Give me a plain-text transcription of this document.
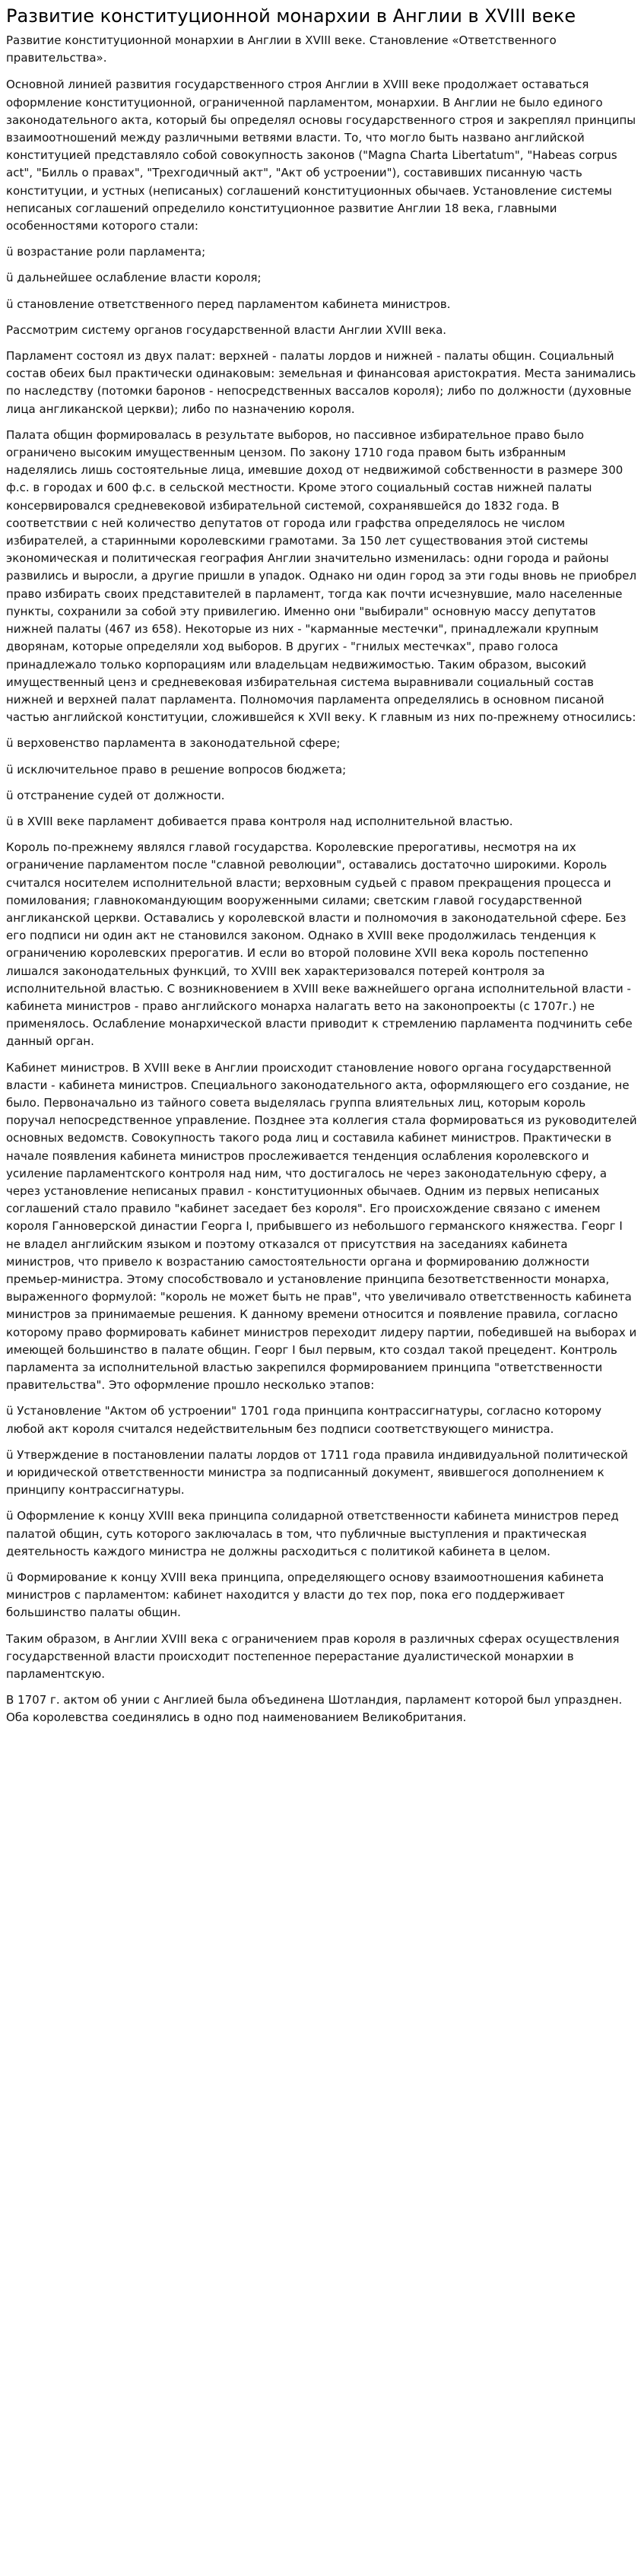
Развитие конституционной монархии в Англии в XVIII веке

Развитие конституционной монархии в Англии в XVIII веке. Становление «Ответственного правительства».

Основной линией развития государственного строя Англии в XVIII веке продолжает оставаться оформление конституционной, ограниченной парламентом, монархии. В Англии не было единого законодательного акта, который бы определял основы государственного строя и закреплял принципы взаимоотношений между различными ветвями власти. То, что могло быть названо английской конституцией представляло собой совокупность законов ("Magna Charta Libertatum", "Habeas corpus act", "Билль о правах", "Трехгодичный акт", "Акт об устроении"), составивших писанную часть конституции, и устных (неписаных) соглашений конституционных обычаев. Установление системы неписаных соглашений определило конституционное развитие Англии 18 века, главными особенностями которого стали:

ü возрастание роли парламента;

ü дальнейшее ослабление власти короля;

ü становление ответственного перед парламентом кабинета министров.

Рассмотрим систему органов государственной власти Англии XVIII века.

Парламент состоял из двух палат: верхней - палаты лордов и нижней - палаты общин. Социальный состав обеих был практически одинаковым: земельная и финансовая аристократия. Места занимались по наследству (потомки баронов - непосредственных вассалов короля); либо по должности (духовные лица англиканской церкви); либо по назначению короля.

Палата общин формировалась в результате выборов, но пассивное избирательное право было ограничено высоким имущественным цензом. По закону 1710 года правом быть избранным наделялись лишь состоятельные лица, имевшие доход от недвижимой собственности в размере 300 ф.с. в городах и 600 ф.с. в сельской местности. Кроме этого социальный состав нижней палаты консервировался средневековой избирательной системой, сохранявшейся до 1832 года. В соответствии с ней количество депутатов от города или графства определялось не числом избирателей, а старинными королевскими грамотами. За 150 лет существования этой системы экономическая и политическая география Англии значительно изменилась: одни города и районы развились и выросли, а другие пришли в упадок. Однако ни один город за эти годы вновь не приобрел право избирать своих представителей в парламент, тогда как почти исчезнувшие, мало населенные пункты, сохранили за собой эту привилегию. Именно они "выбирали" основную массу депутатов нижней палаты (467 из 658). Некоторые из них - "карманные местечки", принадлежали крупным дворянам, которые определяли ход выборов. В других - "гнилых местечках", право голоса принадлежало только корпорациям или владельцам недвижимостью. Таким образом, высокий имущественный ценз и средневековая избирательная система выравнивали социальный состав нижней и верхней палат парламента. Полномочия парламента определялись в основном писаной частью английской конституции, сложившейся к XVII веку. К главным из них по-прежнему относились:

ü верховенство парламента в законодательной сфере;

ü исключительное право в решение вопросов бюджета;

ü отстранение судей от должности.

ü в XVIII веке парламент добивается права контроля над исполнительной властью.

Король по-прежнему являлся главой государства. Королевские прерогативы, несмотря на их ограничение парламентом после "славной революции", оставались достаточно широкими. Король считался носителем исполнительной власти; верховным судьей с правом прекращения процесса и помилования; главнокомандующим вооруженными силами; светским главой государственной англиканской церкви. Оставались у королевской власти и полномочия в законодательной сфере. Без его подписи ни один акт не становился законом. Однако в XVIII веке продолжилась тенденция к ограничению королевских прерогатив. И если во второй половине XVII века король постепенно лишался законодательных функций, то XVIII век характеризовался потерей контроля за исполнительной властью. С возникновением в XVIII веке важнейшего органа исполнительной власти - кабинета министров - право английского монарха налагать вето на законопроекты (с 1707г.) не применялось. Ослабление монархической власти приводит к стремлению парламента подчинить себе данный орган.

Кабинет министров. В XVIII веке в Англии происходит становление нового органа государственной власти - кабинета министров. Специального законодательного акта, оформляющего его создание, не было. Первоначально из тайного совета выделялась группа влиятельных лиц, которым король поручал непосредственное управление. Позднее эта коллегия стала формироваться из руководителей основных ведомств. Совокупность такого рода лиц и составила кабинет министров. Практически в начале появления кабинета министров прослеживается тенденция ослабления королевского и усиление парламентского контроля над ним, что достигалось не через законодательную сферу, а через установление неписаных правил - конституционных обычаев. Одним из первых неписаных соглашений стало правило "кабинет заседает без короля". Его происхождение связано с именем короля Ганноверской династии Георга I, прибывшего из небольшого германского княжества. Георг I не владел английским языком и поэтому отказался от присутствия на заседаниях кабинета министров, что привело к возрастанию самостоятельности органа и формированию должности премьер-министра. Этому способствовало и установление принципа безответственности монарха, выраженного формулой: "король не может быть не прав", что увеличивало ответственность кабинета министров за принимаемые решения. К данному времени относится и появление правила, согласно которому право формировать кабинет министров переходит лидеру партии, победившей на выборах и имеющей большинство в палате общин. Георг I был первым, кто создал такой прецедент. Контроль парламента за исполнительной властью закрепился формированием принципа "ответственности правительства". Это оформление прошло несколько этапов:

ü Установление "Актом об устроении" 1701 года принципа контрассигнатуры, согласно которому любой акт короля считался недействительным без подписи соответствующего министра.

ü Утверждение в постановлении палаты лордов от 1711 года правила индивидуальной политической и юридической ответственности министра за подписанный документ, явившегося дополнением к принципу контрассигнатуры.

ü Оформление к концу XVIII века принципа солидарной ответственности кабинета министров перед палатой общин, суть которого заключалась в том, что публичные выступления и практическая деятельность каждого министра не должны расходиться с политикой кабинета в целом.

ü Формирование к концу XVIII века принципа, определяющего основу взаимоотношения кабинета министров с парламентом: кабинет находится у власти до тех пор, пока его поддерживает большинство палаты общин.

Таким образом, в Англии XVIII века с ограничением прав короля в различных сферах осуществления государственной власти происходит постепенное перерастание дуалистической монархии в парламентскую.

В 1707 г. актом об унии с Англией была объединена Шотландия, парламент которой был упразднен. Оба королевства соединялись в одно под наименованием Великобритания.
